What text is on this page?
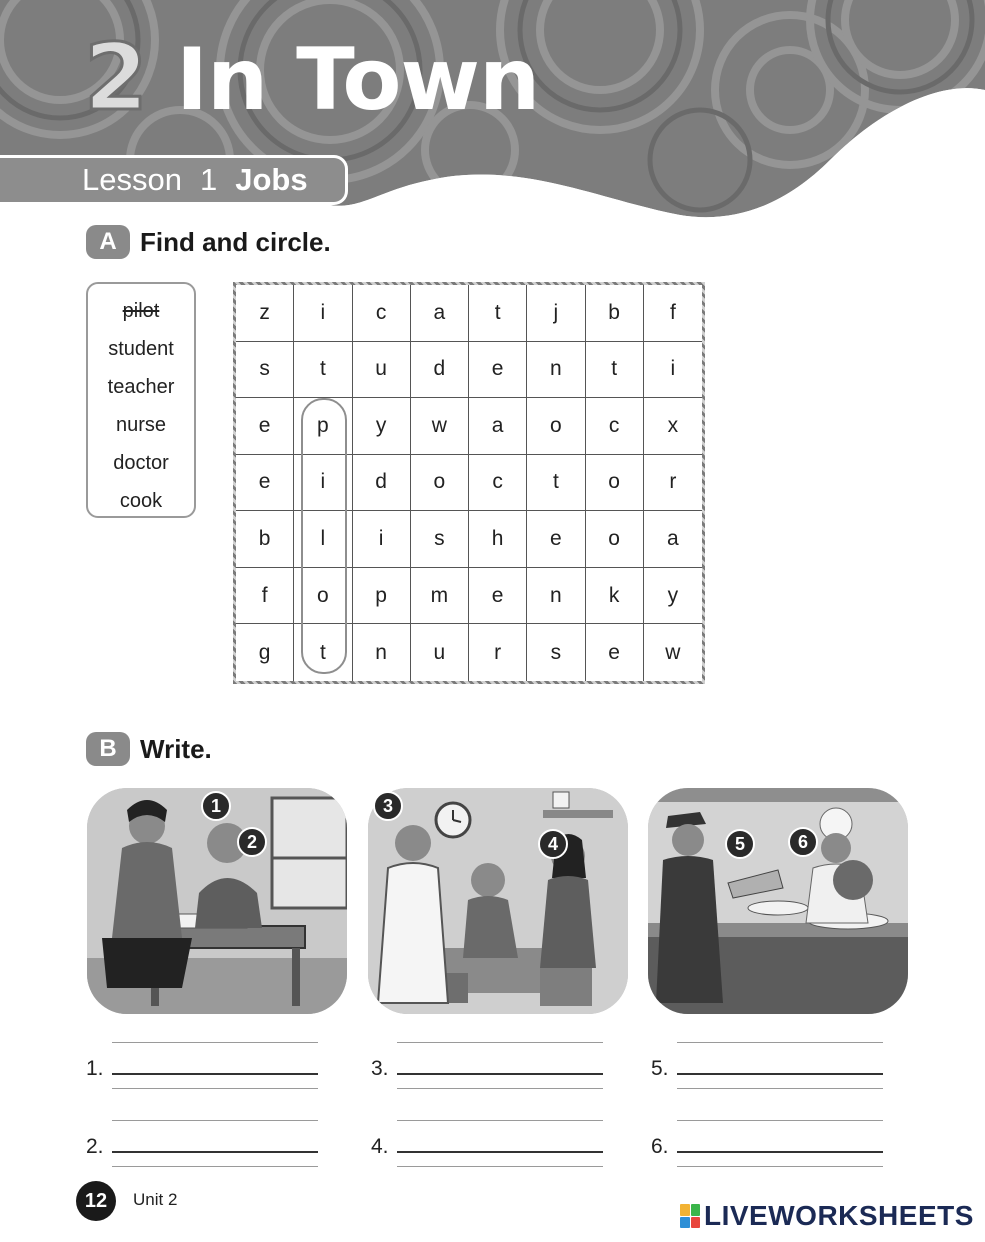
2 In Town
Lesson 1 Jobs
A Find and circle.
pilot
student
teacher
nurse
doctor
cook
z	i	c	a	t	j	b	f
s	t	u	d	e	n	t	i
e	p	y	w	a	o	c	x
e	i	d	o	c	t	o	r
b	l	i	s	h	e	o	a
f	o	p	m	e	n	k	y
g	t	n	u	r	s	e	w
B Write.
1
2
3
4	5	6
1.
2.
3.
4.
5.
6.
12	Unit 2
LIVEWORKSHEETS
